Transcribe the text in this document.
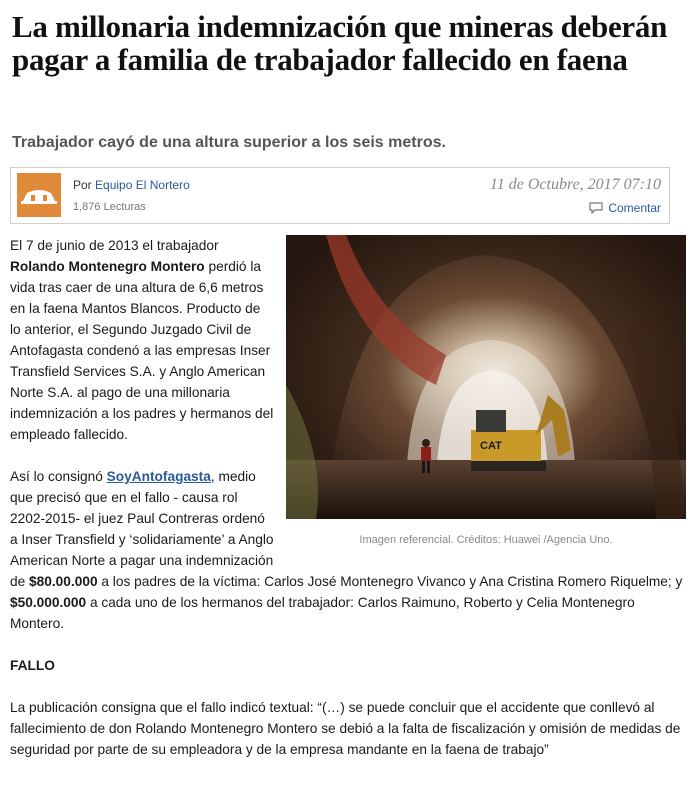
La millonaria indemnización que mineras deberán pagar a familia de trabajador fallecido en faena

Trabajador cayó de una altura superior a los seis metros.

Por Equipo El Nortero
1,876 Lecturas
11 de Octubre, 2017 07:10
Comentar
CAT
Imagen referencial. Créditos: Huawei /Agencia Uno.

El 7 de junio de 2013 el trabajador Rolando Montenegro Montero perdió la vida tras caer de una altura de 6,6 metros en la faena Mantos Blancos. Producto de lo anterior, el Segundo Juzgado Civil de Antofagasta condenó a las empresas Inser Transfield Services S.A. y Anglo American Norte S.A. al pago de una millonaria indemnización a los padres y hermanos del empleado fallecido.

Así lo consignó SoyAntofagasta, medio que precisó que en el fallo - causa rol 2202-2015- el juez Paul Contreras ordenó a Inser Transfield y ‘solidariamente’ a Anglo American Norte a pagar una indemnización de $80.00.000 a los padres de la víctima: Carlos José Montenegro Vivanco y Ana Cristina Romero Riquelme; y $50.000.000 a cada uno de los hermanos del trabajador: Carlos Raimuno, Roberto y Celia Montenegro Montero.

FALLO

La publicación consigna que el fallo indicó textual: “(…) se puede concluir que el accidente que conllevó al fallecimiento de don Rolando Montenegro Montero se debió a la falta de fiscalización y omisión de medidas de seguridad por parte de su empleadora y de la empresa mandante en la faena de trabajo”
